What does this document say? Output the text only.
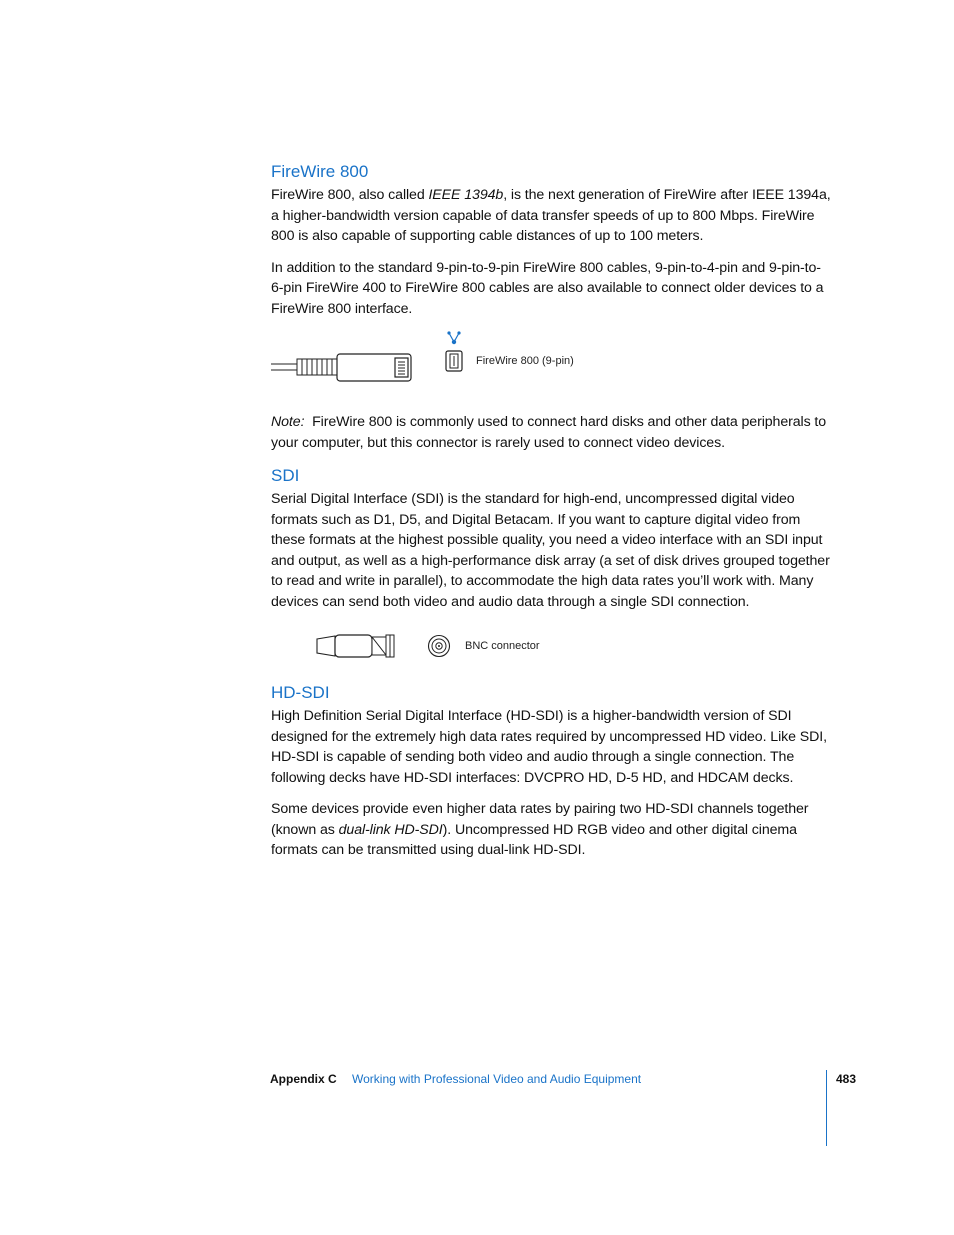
FireWire 800

FireWire 800, also called IEEE 1394b, is the next generation of FireWire after IEEE 1394a, a higher-bandwidth version capable of data transfer speeds of up to 800 Mbps. FireWire 800 is also capable of supporting cable distances of up to 100 meters.

In addition to the standard 9-pin-to-9-pin FireWire 800 cables, 9-pin-to-4-pin and 9-pin-to-6-pin FireWire 400 to FireWire 800 cables are also available to connect older devices to a FireWire 800 interface.

FireWire 800 (9-pin)

Note: FireWire 800 is commonly used to connect hard disks and other data peripherals to your computer, but this connector is rarely used to connect video devices.

SDI

Serial Digital Interface (SDI) is the standard for high-end, uncompressed digital video formats such as D1, D5, and Digital Betacam. If you want to capture digital video from these formats at the highest possible quality, you need a video interface with an SDI input and output, as well as a high-performance disk array (a set of disk drives grouped together to read and write in parallel), to accommodate the high data rates you’ll work with. Many devices can send both video and audio data through a single SDI connection.

BNC connector
HD-SDI

High Definition Serial Digital Interface (HD-SDI) is a higher-bandwidth version of SDI designed for the extremely high data rates required by uncompressed HD video. Like SDI, HD-SDI is capable of sending both video and audio through a single connection. The following decks have HD-SDI interfaces: DVCPRO HD, D-5 HD, and HDCAM decks.

Some devices provide even higher data rates by pairing two HD-SDI channels together (known as dual-link HD-SDI). Uncompressed HD RGB video and other digital cinema formats can be transmitted using dual-link HD-SDI.

Appendix C Working with Professional Video and Audio Equipment	483
